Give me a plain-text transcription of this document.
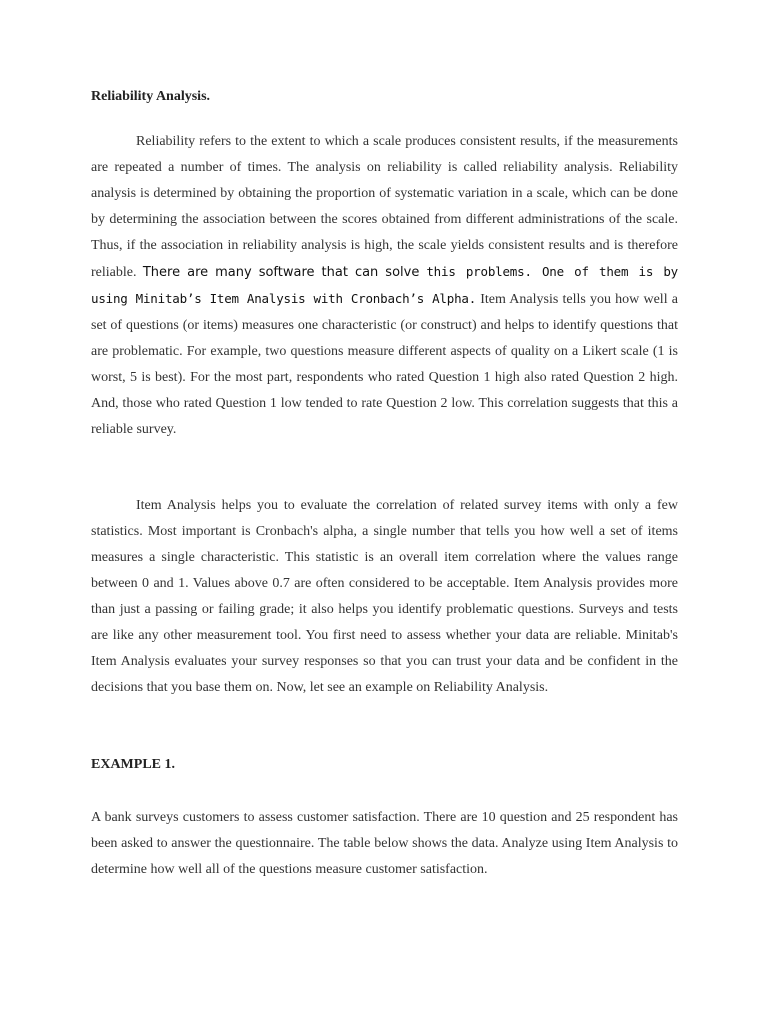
Reliability Analysis.
Reliability refers to the extent to which a scale produces consistent results, if the measurements are repeated a number of times. The analysis on reliability is called reliability analysis. Reliability analysis is determined by obtaining the proportion of systematic variation in a scale, which can be done by determining the association between the scores obtained from different administrations of the scale. Thus, if the association in reliability analysis is high, the scale yields consistent results and is therefore reliable. There are many software that can solve this problems. One of them is by using Minitab’s Item Analysis with Cronbach’s Alpha. Item Analysis tells you how well a set of questions (or items) measures one characteristic (or construct) and helps to identify questions that are problematic. For example, two questions measure different aspects of quality on a Likert scale (1 is worst, 5 is best). For the most part, respondents who rated Question 1 high also rated Question 2 high. And, those who rated Question 1 low tended to rate Question 2 low. This correlation suggests that this a reliable survey.
Item Analysis helps you to evaluate the correlation of related survey items with only a few statistics. Most important is Cronbach's alpha, a single number that tells you how well a set of items measures a single characteristic. This statistic is an overall item correlation where the values range between 0 and 1. Values above 0.7 are often considered to be acceptable. Item Analysis provides more than just a passing or failing grade; it also helps you identify problematic questions. Surveys and tests are like any other measurement tool. You first need to assess whether your data are reliable. Minitab's Item Analysis evaluates your survey responses so that you can trust your data and be confident in the decisions that you base them on. Now, let see an example on Reliability Analysis.
EXAMPLE 1.
A bank surveys customers to assess customer satisfaction. There are 10 question and 25 respondent has been asked to answer the questionnaire. The table below shows the data. Analyze using Item Analysis to determine how well all of the questions measure customer satisfaction.
